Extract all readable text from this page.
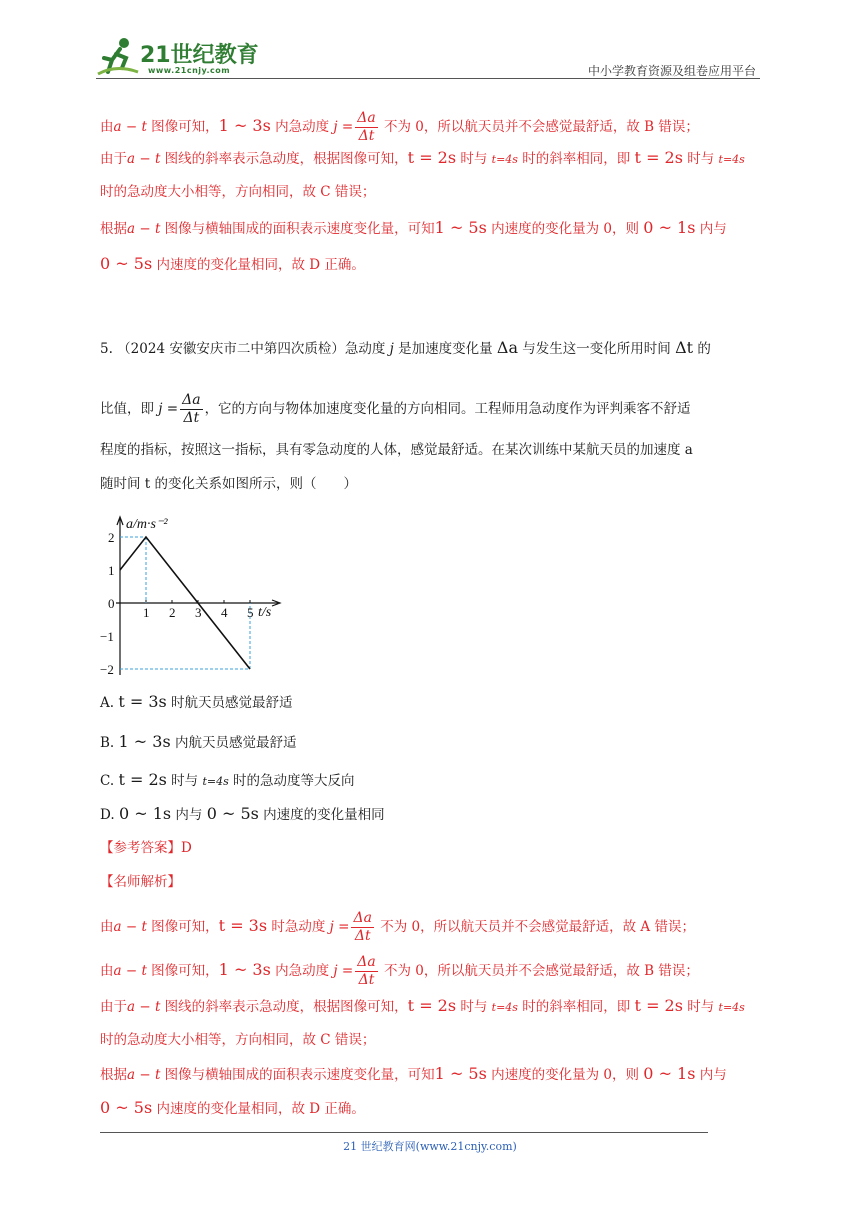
21世纪教育
www.21cnjy.com	中小学教育资源及组卷应用平台
由a − t 图像可知，1 ~ 3s 内急动度 $j = \frac{\Delta a}{\Delta t}$ 不为 0，所以航天员并不会感觉最舒适，故 B 错误；
由于a − t 图线的斜率表示急动度，根据图像可知，t = 2s 时与 t=4s 时的斜率相同，即 t = 2s 时与 t=4s
时的急动度大小相等，方向相同，故 C 错误；
根据a − t 图像与横轴围成的面积表示速度变化量，可知1 ~ 5s 内速度的变化量为 0，则 0 ~ 1s 内与
0 ~ 5s 内速度的变化量相同，故 D 正确。
5. （2024 安徽安庆市二中第四次质检）急动度 j 是加速度变化量 Δa 与发生这一变化所用时间 Δt 的
比值，即 $j = \frac{\Delta a}{\Delta t}$ ，它的方向与物体加速度变化量的方向相同。工程师用急动度作为评判乘客不舒适
程度的指标，按照这一指标，具有零急动度的人体，感觉最舒适。在某次训练中某航天员的加速度 a
随时间 t 的变化关系如图所示，则（　　）
1 2 3 4 5
2
1
0
−1
−2
a/m·s⁻²
t/s
A. t = 3s 时航天员感觉最舒适
B. 1 ~ 3s 内航天员感觉最舒适
C. t = 2s 时与 t=4s 时的急动度等大反向
D. 0 ~ 1s 内与 0 ~ 5s 内速度的变化量相同
【参考答案】D
【名师解析】
由a − t 图像可知，t = 3s 时急动度 $j = \frac{\Delta a}{\Delta t}$ 不为 0，所以航天员并不会感觉最舒适，故 A 错误；
由a − t 图像可知，1 ~ 3s 内急动度 $j = \frac{\Delta a}{\Delta t}$ 不为 0，所以航天员并不会感觉最舒适，故 B 错误；
由于a − t 图线的斜率表示急动度，根据图像可知，t = 2s 时与 t=4s 时的斜率相同，即 t = 2s 时与 t=4s
时的急动度大小相等，方向相同，故 C 错误；
根据a − t 图像与横轴围成的面积表示速度变化量，可知1 ~ 5s 内速度的变化量为 0，则 0 ~ 1s 内与
0 ~ 5s 内速度的变化量相同，故 D 正确。
21 世纪教育网(www.21cnjy.com)
